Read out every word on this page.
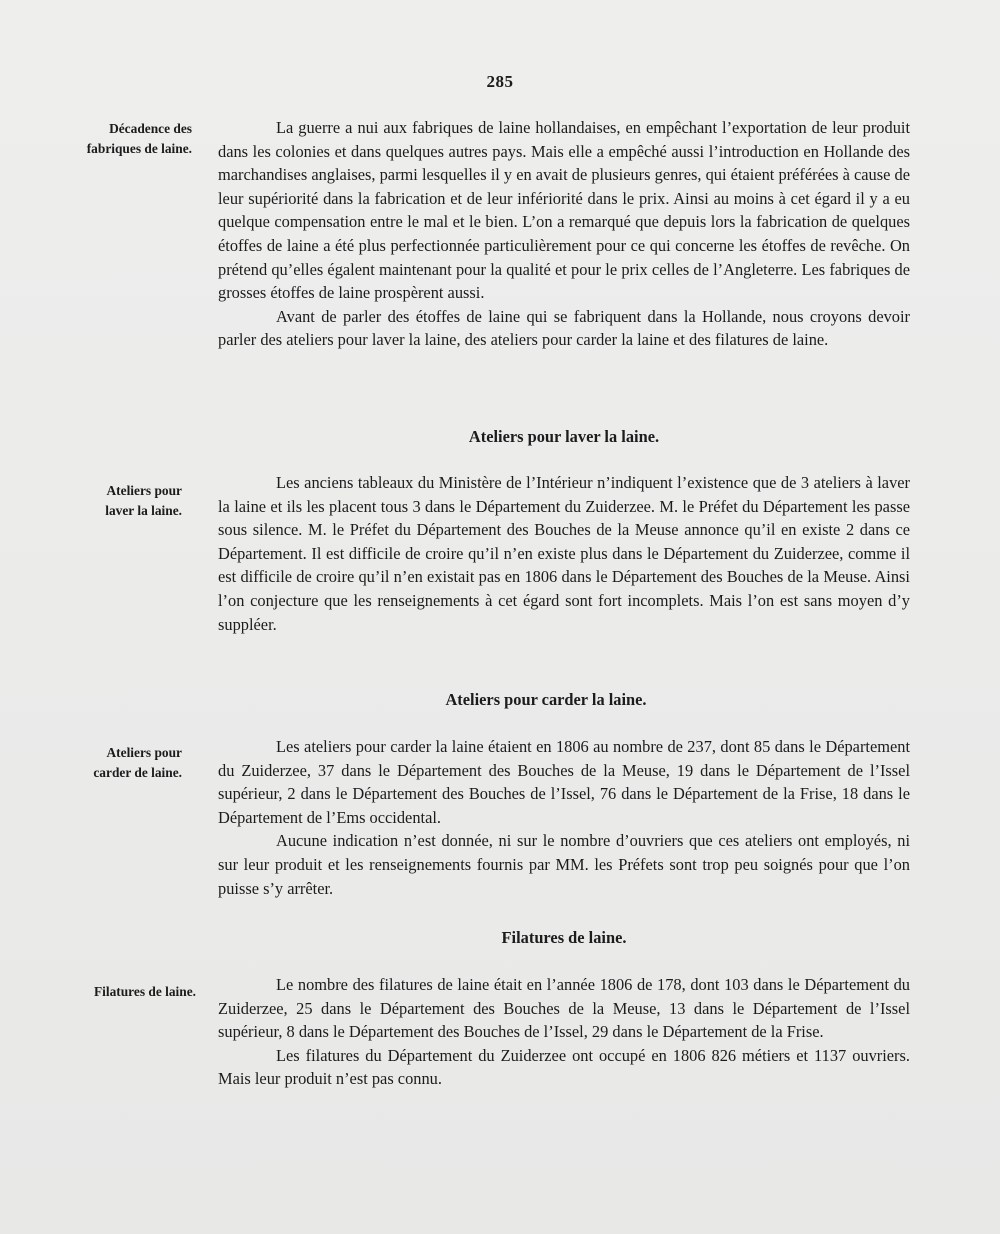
285
Décadence des
fabriques de laine.

La guerre a nui aux fabriques de laine hollandaises, en empêchant l’exportation de leur produit dans les colonies et dans quelques autres pays. Mais elle a empêché aussi l’introduction en Hollande des marchandises anglaises, parmi lesquelles il y en avait de plusieurs genres, qui étaient préférées à cause de leur supériorité dans la fabrication et de leur infériorité dans le prix. Ainsi au moins à cet égard il y a eu quelque compensation entre le mal et le bien. L’on a remarqué que depuis lors la fabrication de quelques étoffes de laine a été plus perfectionnée particulièrement pour ce qui concerne les étoffes de revêche. On prétend qu’elles égalent maintenant pour la qualité et pour le prix celles de l’Angleterre. Les fabriques de grosses étoffes de laine prospèrent aussi.

Avant de parler des étoffes de laine qui se fabriquent dans la Hollande, nous croyons devoir parler des ateliers pour laver la laine, des ateliers pour carder la laine et des filatures de laine.

Ateliers pour laver la laine.
Ateliers pour
laver la laine.

Les anciens tableaux du Ministère de l’Intérieur n’indiquent l’existence que de 3 ateliers à laver la laine et ils les placent tous 3 dans le Département du Zuiderzee. M. le Préfet du Département les passe sous silence. M. le Préfet du Département des Bouches de la Meuse annonce qu’il en existe 2 dans ce Département. Il est difficile de croire qu’il n’en existe plus dans le Département du Zuiderzee, comme il est difficile de croire qu’il n’en existait pas en 1806 dans le Département des Bouches de la Meuse. Ainsi l’on conjecture que les renseignements à cet égard sont fort incomplets. Mais l’on est sans moyen d’y suppléer.

Ateliers pour carder la laine.
Ateliers pour
carder de laine.

Les ateliers pour carder la laine étaient en 1806 au nombre de 237, dont 85 dans le Département du Zuiderzee, 37 dans le Département des Bouches de la Meuse, 19 dans le Département de l’Issel supérieur, 2 dans le Département des Bouches de l’Issel, 76 dans le Département de la Frise, 18 dans le Département de l’Ems occidental.

Aucune indication n’est donnée, ni sur le nombre d’ouvriers que ces ateliers ont employés, ni sur leur produit et les renseignements fournis par MM. les Préfets sont trop peu soignés pour que l’on puisse s’y arrêter.

Filatures de laine.
Filatures de laine.	Le nombre des filatures de laine était en l’année 1806 de 178, dont 103 dans le Département du Zuiderzee, 25 dans le Département des Bouches de la Meuse, 13 dans le Département de l’Issel supérieur, 8 dans le Département des Bouches de l’Issel, 29 dans le Département de la Frise.

Les filatures du Département du Zuiderzee ont occupé en 1806 826 métiers et 1137 ouvriers. Mais leur produit n’est pas connu.
